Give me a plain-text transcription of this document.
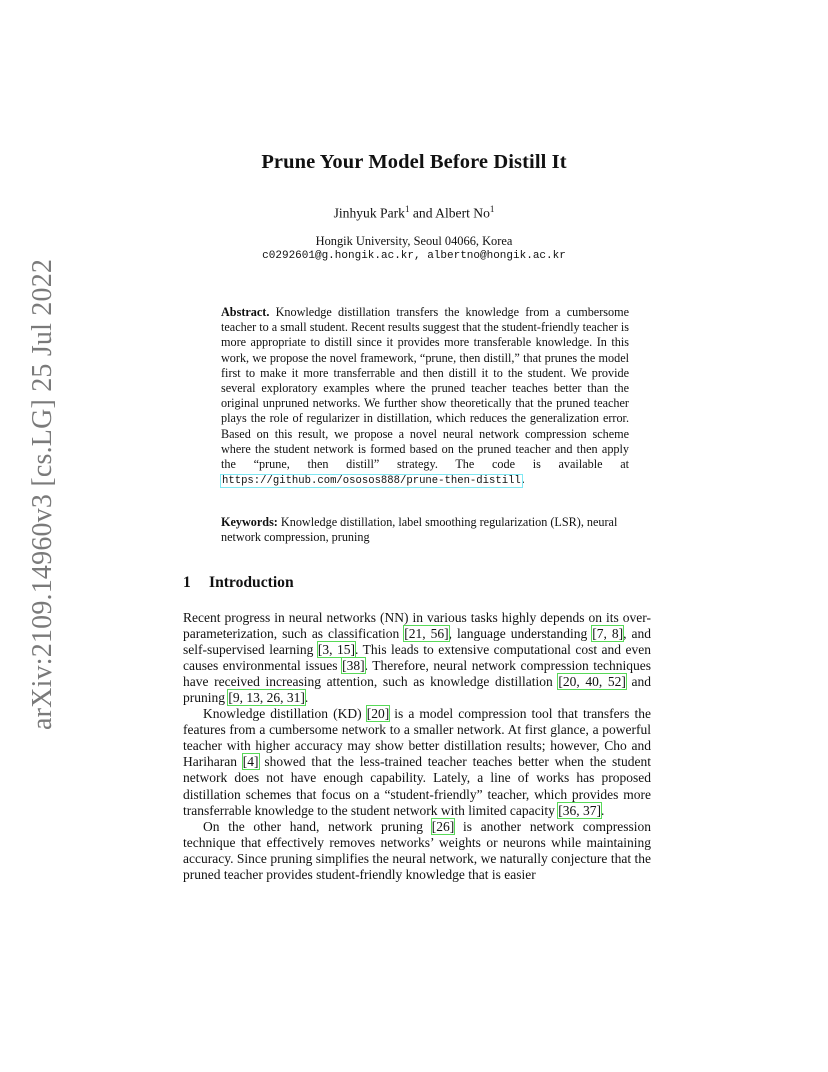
arXiv:2109.14960v3 [cs.LG] 25 Jul 2022
Prune Your Model Before Distill It
Jinhyuk Park$^1$ and Albert No$^1$
Hongik University, Seoul 04066, Korea
c0292601@g.hongik.ac.kr, albertno@hongik.ac.kr
Abstract. Knowledge distillation transfers the knowledge from a cumbersome teacher to a small student. Recent results suggest that the student-friendly teacher is more appropriate to distill since it provides more transferable knowledge. In this work, we propose the novel framework, “prune, then distill,” that prunes the model first to make it more transferrable and then distill it to the student. We provide several exploratory examples where the pruned teacher teaches better than the original unpruned networks. We further show theoretically that the pruned teacher plays the role of regularizer in distillation, which reduces the generalization error. Based on this result, we propose a novel neural network compression scheme where the student network is formed based on the pruned teacher and then apply the “prune, then distill” strategy. The code is available at https://github.com/ososos888/prune-then-distill.
Keywords: Knowledge distillation, label smoothing regularization (LSR), neural network compression, pruning
1 Introduction

Recent progress in neural networks (NN) in various tasks highly depends on its over-parameterization, such as classification [21, 56], language understanding [7, 8], and self-supervised learning [3, 15]. This leads to extensive computational cost and even causes environmental issues [38]. Therefore, neural network compression techniques have received increasing attention, such as knowledge distillation [20, 40, 52] and pruning [9, 13, 26, 31].

Knowledge distillation (KD) [20] is a model compression tool that transfers the features from a cumbersome network to a smaller network. At first glance, a powerful teacher with higher accuracy may show better distillation results; however, Cho and Hariharan [4] showed that the less-trained teacher teaches better when the student network does not have enough capability. Lately, a line of works has proposed distillation schemes that focus on a “student-friendly” teacher, which provides more transferrable knowledge to the student network with limited capacity [36, 37].

On the other hand, network pruning [26] is another network compression technique that effectively removes networks’ weights or neurons while maintaining accuracy. Since pruning simplifies the neural network, we naturally conjecture that the pruned teacher provides student-friendly knowledge that is easier
